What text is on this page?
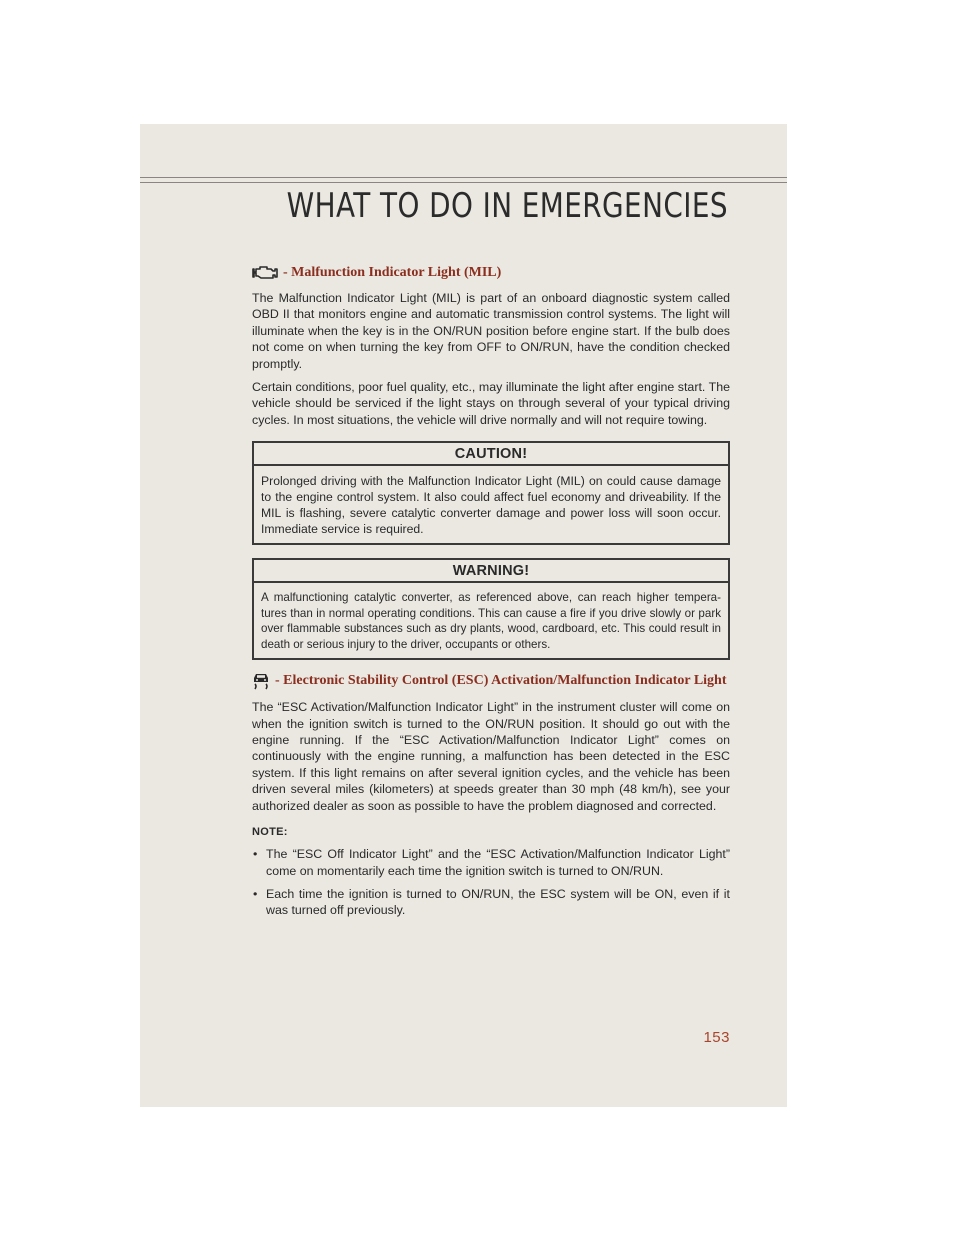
WHAT TO DO IN EMERGENCIES
- Malfunction Indicator Light (MIL)

The Malfunction Indicator Light (MIL) is part of an onboard diagnostic system called OBD II that monitors engine and automatic transmission control systems. The light will illuminate when the key is in the ON/RUN position before engine start. If the bulb does not come on when turning the key from OFF to ON/RUN, have the condition checked promptly.

Certain conditions, poor fuel quality, etc., may illuminate the light after engine start. The vehicle should be serviced if the light stays on through several of your typical driving cycles. In most situations, the vehicle will drive normally and will not require towing.

CAUTION!
Prolonged driving with the Malfunction Indicator Light (MIL) on could cause damage to the engine control system. It also could affect fuel economy and driveability. If the MIL is flashing, severe catalytic converter damage and power loss will soon occur. Immediate service is required.
WARNING!
A malfunctioning catalytic converter, as referenced above, can reach higher tempera-tures than in normal operating conditions. This can cause a fire if you drive slowly or park over flammable substances such as dry plants, wood, cardboard, etc. This could result in death or serious injury to the driver, occupants or others.
- Electronic Stability Control (ESC) Activation/Malfunction Indicator Light

The “ESC Activation/Malfunction Indicator Light” in the instrument cluster will come on when the ignition switch is turned to the ON/RUN position. It should go out with the engine running. If the “ESC Activation/Malfunction Indicator Light” comes on continuously with the engine running, a malfunction has been detected in the ESC system. If this light remains on after several ignition cycles, and the vehicle has been driven several miles (kilometers) at speeds greater than 30 mph (48 km/h), see your authorized dealer as soon as possible to have the problem diagnosed and corrected.

NOTE:
• The “ESC Off Indicator Light” and the “ESC Activation/Malfunction Indicator Light” come on momentarily each time the ignition switch is turned to ON/RUN.
• Each time the ignition is turned to ON/RUN, the ESC system will be ON, even if it was turned off previously.
153
